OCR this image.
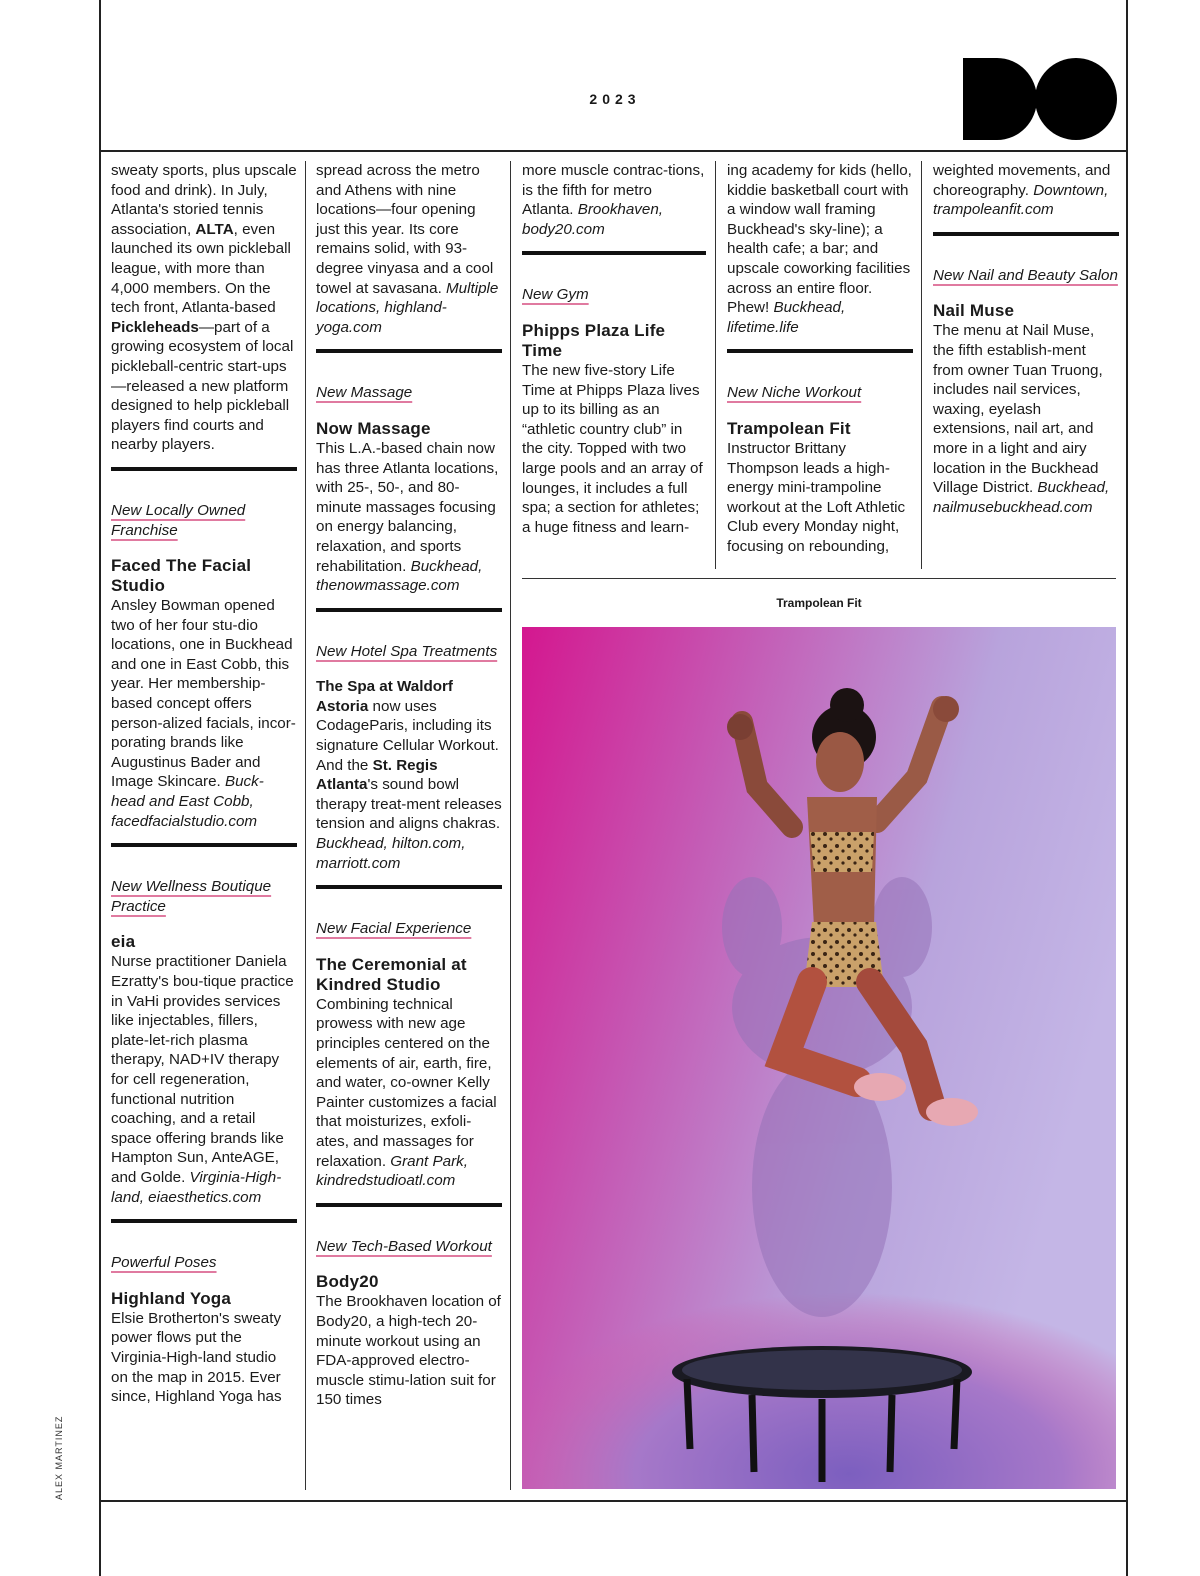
2023
ALEX MARTINEZ

sweaty sports, plus upscale food and drink). In July, Atlanta's storied tennis association, ALTA, even launched its own pickleball league, with more than 4,000 members. On the tech front, Atlanta-based Pickleheads—part of a growing ecosystem of local pickleball-centric start-ups—released a new platform designed to help pickleball players find courts and nearby players.

New Locally Owned Franchise

Faced The Facial Studio

Ansley Bowman opened two of her four stu-dio locations, one in Buckhead and one in East Cobb, this year. Her membership-based concept offers person-alized facials, incor-porating brands like Augustinus Bader and Image Skincare. Buck-head and East Cobb, facedfacialstudio.com

New Wellness Boutique Practice

eia

Nurse practitioner Daniela Ezratty's bou-tique practice in VaHi provides services like injectables, fillers, plate-let-rich plasma therapy, NAD+IV therapy for cell regeneration, functional nutrition coaching, and a retail space offering brands like Hampton Sun, AnteAGE, and Golde. Virginia-High-land, eiaesthetics.com

Powerful Poses

Highland Yoga

Elsie Brotherton's sweaty power flows put the Virginia-High-land studio on the map in 2015. Ever since, Highland Yoga has

spread across the metro and Athens with nine locations—four opening just this year. Its core remains solid, with 93-degree vinyasa and a cool towel at savasana. Multiple locations, highland-yoga.com

New Massage

Now Massage

This L.A.-based chain now has three Atlanta locations, with 25-, 50-, and 80-minute massages focusing on energy balancing, relaxation, and sports rehabilitation. Buckhead, thenowmassage.com

New Hotel Spa Treatments

The Spa at Waldorf Astoria now uses CodageParis, including its signature Cellular Workout. And the St. Regis Atlanta's sound bowl therapy treat-ment releases tension and aligns chakras. Buckhead, hilton.com, marriott.com

New Facial Experience

The Ceremonial at Kindred Studio

Combining technical prowess with new age principles centered on the elements of air, earth, fire, and water, co-owner Kelly Painter customizes a facial that moisturizes, exfoli-ates, and massages for relaxation. Grant Park, kindredstudioatl.com

New Tech-Based Workout

Body20

The Brookhaven location of Body20, a high-tech 20-minute workout using an FDA-approved electro-muscle stimu-lation suit for 150 times

more muscle contrac-tions, is the fifth for metro Atlanta. Brookhaven, body20.com

New Gym

Phipps Plaza Life Time

The new five-story Life Time at Phipps Plaza lives up to its billing as an “athletic country club” in the city. Topped with two large pools and an array of lounges, it includes a full spa; a section for athletes; a huge fitness and learn-

ing academy for kids (hello, kiddie basketball court with a window wall framing Buckhead's sky-line); a health cafe; a bar; and upscale coworking facilities across an entire floor. Phew! Buckhead, lifetime.life

New Niche Workout

Trampolean Fit

Instructor Brittany Thompson leads a high-energy mini-trampoline workout at the Loft Athletic Club every Monday night, focusing on rebounding,

weighted movements, and choreography. Downtown, trampoleanfit.com

New Nail and Beauty Salon

Nail Muse

The menu at Nail Muse, the fifth establish-ment from owner Tuan Truong, includes nail services, waxing, eyelash extensions, nail art, and more in a light and airy location in the Buckhead Village District. Buckhead, nailmusebuckhead.com

Trampolean Fit
